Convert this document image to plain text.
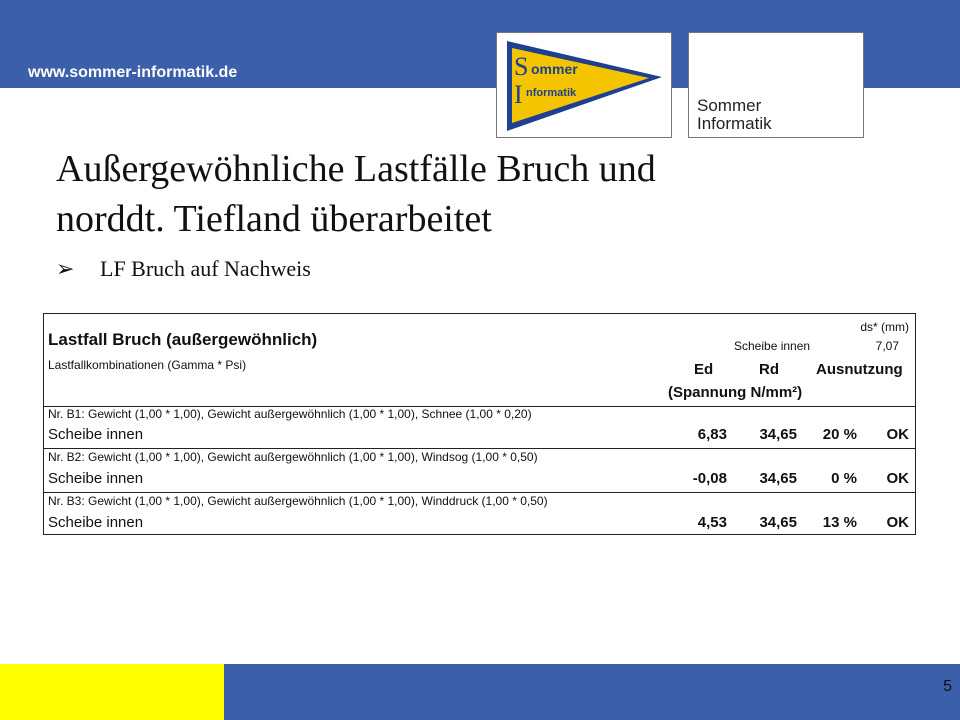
www.sommer-informatik.de	S ommer
I nformatik
Sommer
Informatik
Außergewöhnliche Lastfälle Bruch und
norddt. Tiefland überarbeitet
➢ LF Bruch auf Nachweis
Lastfall Bruch (außergewöhnlich)
Lastfallkombinationen (Gamma * Psi)
ds* (mm)
Scheibe innen	7,07
Ed	Rd Ausnutzung
(Spannung N/mm²)
Nr. B1: Gewicht (1,00 * 1,00), Gewicht außergewöhnlich (1,00 * 1,00), Schnee (1,00 * 0,20)
Scheibe innen	6,83 34,65 20 % OK
Nr. B2: Gewicht (1,00 * 1,00), Gewicht außergewöhnlich (1,00 * 1,00), Windsog (1,00 * 0,50)
Scheibe innen	-0,08 34,65 0 % OK
Nr. B3: Gewicht (1,00 * 1,00), Gewicht außergewöhnlich (1,00 * 1,00), Winddruck (1,00 * 0,50)
Scheibe innen	4,53 34,65 13 % OK
5
